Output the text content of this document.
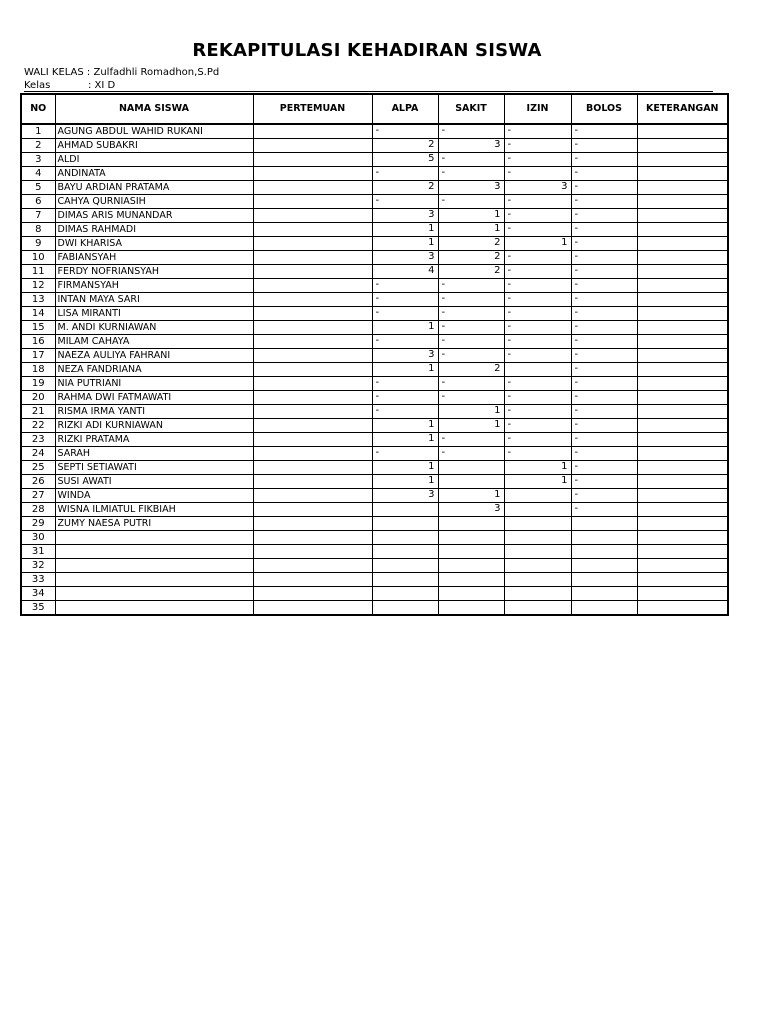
REKAPITULASI KEHADIRAN SISWA
WALI KELAS : Zulfadhli Romadhon,S.Pd
Kelas	: XI D
NO	NAMA SISWA	PERTEMUAN	ALPA	SAKIT	IZIN	BOLOS	KETERANGAN
1	AGUNG ABDUL WAHID RUKANI		-	-	-	-	

2	AHMAD SUBAKRI		2	3	-	-	

3	ALDI		5	-	-	-	

4	ANDINATA		-	-	-	-	

5	BAYU ARDIAN PRATAMA		2	3	3	-	

6	CAHYA QURNIASIH		-	-	-	-	

7	DIMAS ARIS MUNANDAR		3	1	-	-	

8	DIMAS RAHMADI		1	1	-	-	

9	DWI KHARISA		1	2	1	-	

10	FABIANSYAH		3	2	-	-	

11	FERDY NOFRIANSYAH		4	2	-	-	

12	FIRMANSYAH		-	-	-	-	

13	INTAN MAYA SARI		-	-	-	-	

14	LISA MIRANTI		-	-	-	-	

15	M. ANDI KURNIAWAN		1	-	-	-	

16	MILAM CAHAYA		-	-	-	-	

17	NAEZA AULIYA FAHRANI		3	-	-	-	

18	NEZA FANDRIANA		1	2		-	

19	NIA PUTRIANI		-	-	-	-	

20	RAHMA DWI FATMAWATI		-	-	-	-	

21	RISMA IRMA YANTI		-	1	-	-	

22	RIZKI ADI KURNIAWAN		1	1	-	-	

23	RIZKI PRATAMA		1	-	-	-	

24	SARAH		-	-	-	-	

25	SEPTI SETIAWATI		1		1	-	

26	SUSI AWATI		1		1	-	

27	WINDA		3	1		-	

28	WISNA ILMIATUL FIKBIAH			3		-	

29	ZUMY NAESA PUTRI		

30			

31			

32			

33			

34			

35			
